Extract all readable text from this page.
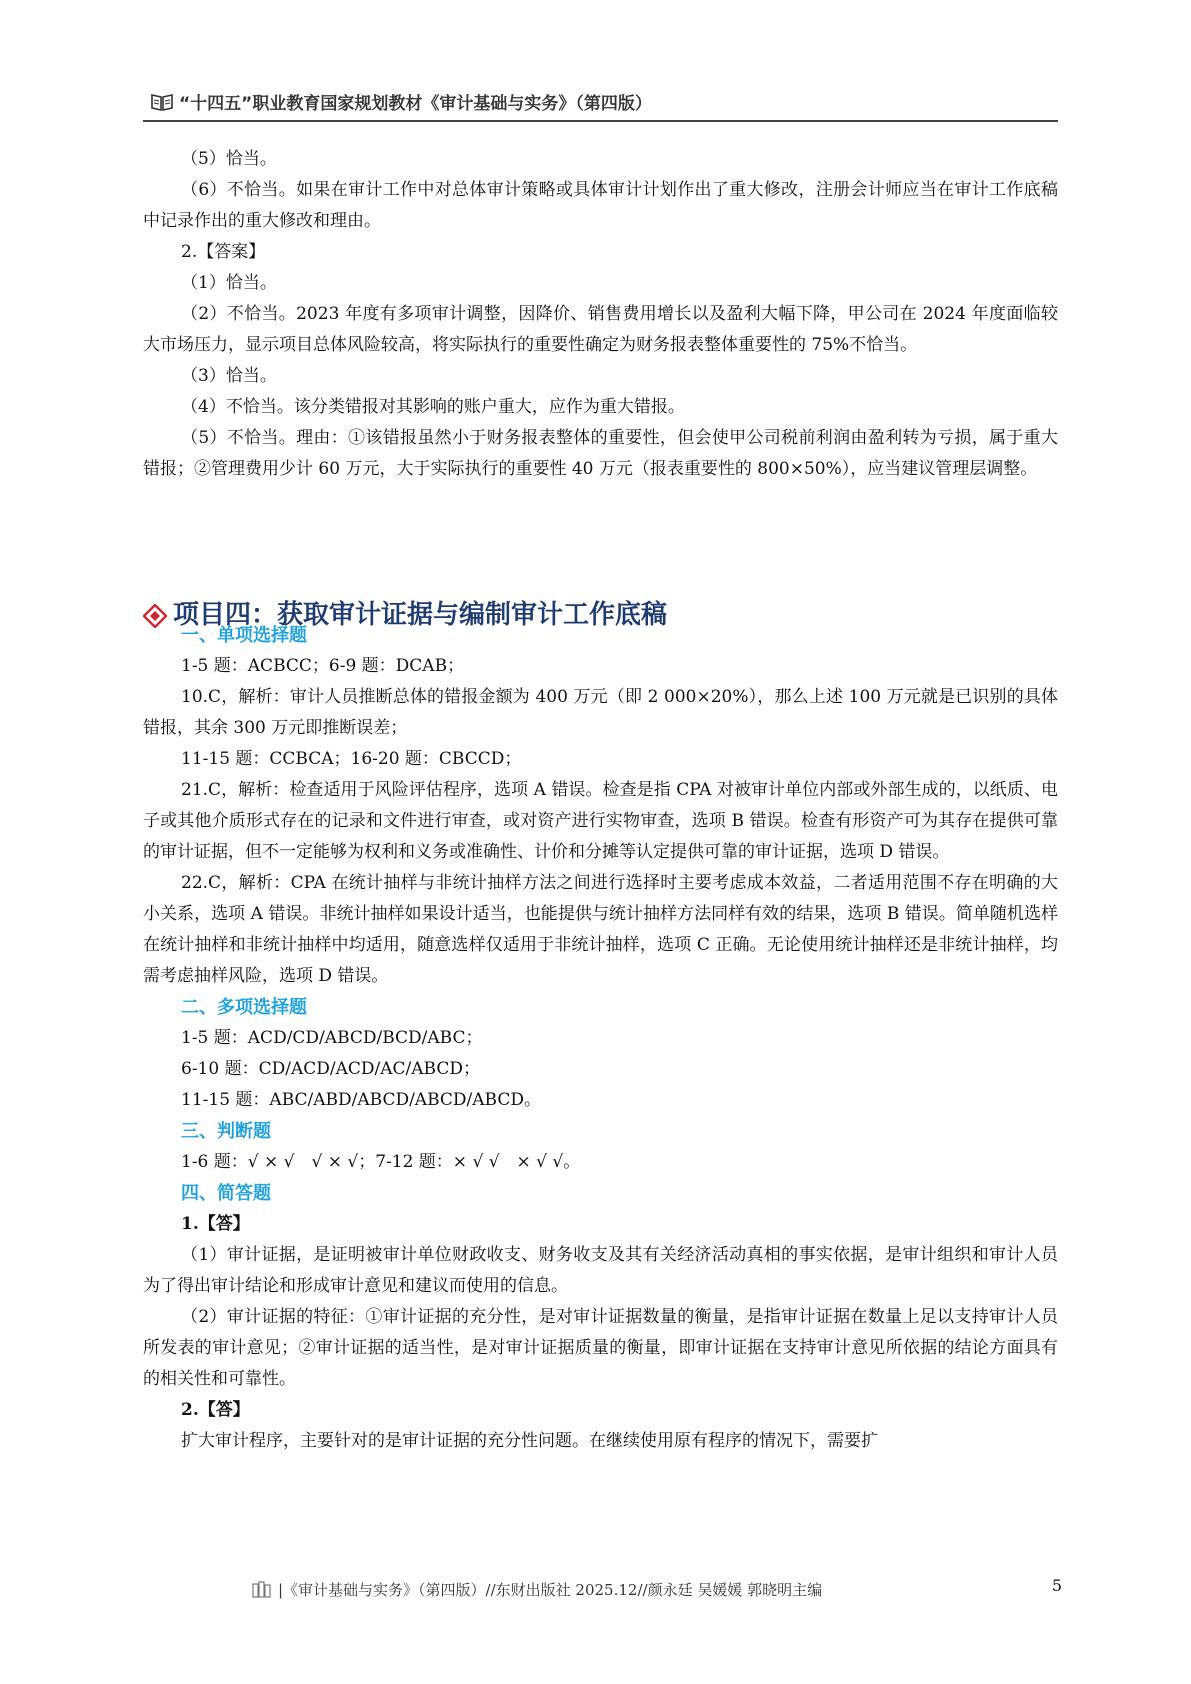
“十四五”职业教育国家规划教材《审计基础与实务》（第四版）

（5）恰当。

（6）不恰当。如果在审计工作中对总体审计策略或具体审计计划作出了重大修改，注册会计师应当在审计工作底稿中记录作出的重大修改和理由。

2.【答案】

（1）恰当。

（2）不恰当。2023 年度有多项审计调整，因降价、销售费用增长以及盈利大幅下降，甲公司在 2024 年度面临较大市场压力，显示项目总体风险较高，将实际执行的重要性确定为财务报表整体重要性的 75%不恰当。

（3）恰当。

（4）不恰当。该分类错报对其影响的账户重大，应作为重大错报。

（5）不恰当。理由：①该错报虽然小于财务报表整体的重要性，但会使甲公司税前利润由盈利转为亏损，属于重大错报；②管理费用少计 60 万元，大于实际执行的重要性 40 万元（报表重要性的 800×50%），应当建议管理层调整。

项目四：获取审计证据与编制审计工作底稿
一、单项选择题

1-5 题：ACBCC；6-9 题：DCAB；

10.C，解析：审计人员推断总体的错报金额为 400 万元（即 2 000×20%），那么上述 100 万元就是已识别的具体错报，其余 300 万元即推断误差；

11-15 题：CCBCA；16-20 题：CBCCD；

21.C，解析：检查适用于风险评估程序，选项 A 错误。检查是指 CPA 对被审计单位内部或外部生成的，以纸质、电子或其他介质形式存在的记录和文件进行审查，或对资产进行实物审查，选项 B 错误。检查有形资产可为其存在提供可靠的审计证据，但不一定能够为权利和义务或准确性、计价和分摊等认定提供可靠的审计证据，选项 D 错误。

22.C，解析：CPA 在统计抽样与非统计抽样方法之间进行选择时主要考虑成本效益，二者适用范围不存在明确的大小关系，选项 A 错误。非统计抽样如果设计适当，也能提供与统计抽样方法同样有效的结果，选项 B 错误。简单随机选样在统计抽样和非统计抽样中均适用，随意选样仅适用于非统计抽样，选项 C 正确。无论使用统计抽样还是非统计抽样，均需考虑抽样风险，选项 D 错误。

二、多项选择题

1-5 题：ACD/CD/ABCD/BCD/ABC；

6-10 题：CD/ACD/ACD/AC/ABCD；

11-15 题：ABC/ABD/ABCD/ABCD/ABCD。

三、判断题

1-6 题：√ × √　√ × √；7-12 题：× √ √　× √ √。

四、简答题

1.【答】

（1）审计证据，是证明被审计单位财政收支、财务收支及其有关经济活动真相的事实依据，是审计组织和审计人员为了得出审计结论和形成审计意见和建议而使用的信息。

（2）审计证据的特征：①审计证据的充分性，是对审计证据数量的衡量，是指审计证据在数量上足以支持审计人员所发表的审计意见；②审计证据的适当性，是对审计证据质量的衡量，即审计证据在支持审计意见所依据的结论方面具有的相关性和可靠性。

2.【答】

扩大审计程序，主要针对的是审计证据的充分性问题。在继续使用原有程序的情况下，需要扩

|《审计基础与实务》（第四版）//东财出版社 2025.12//颜永廷 吴媛媛 郭晓明主编	5
